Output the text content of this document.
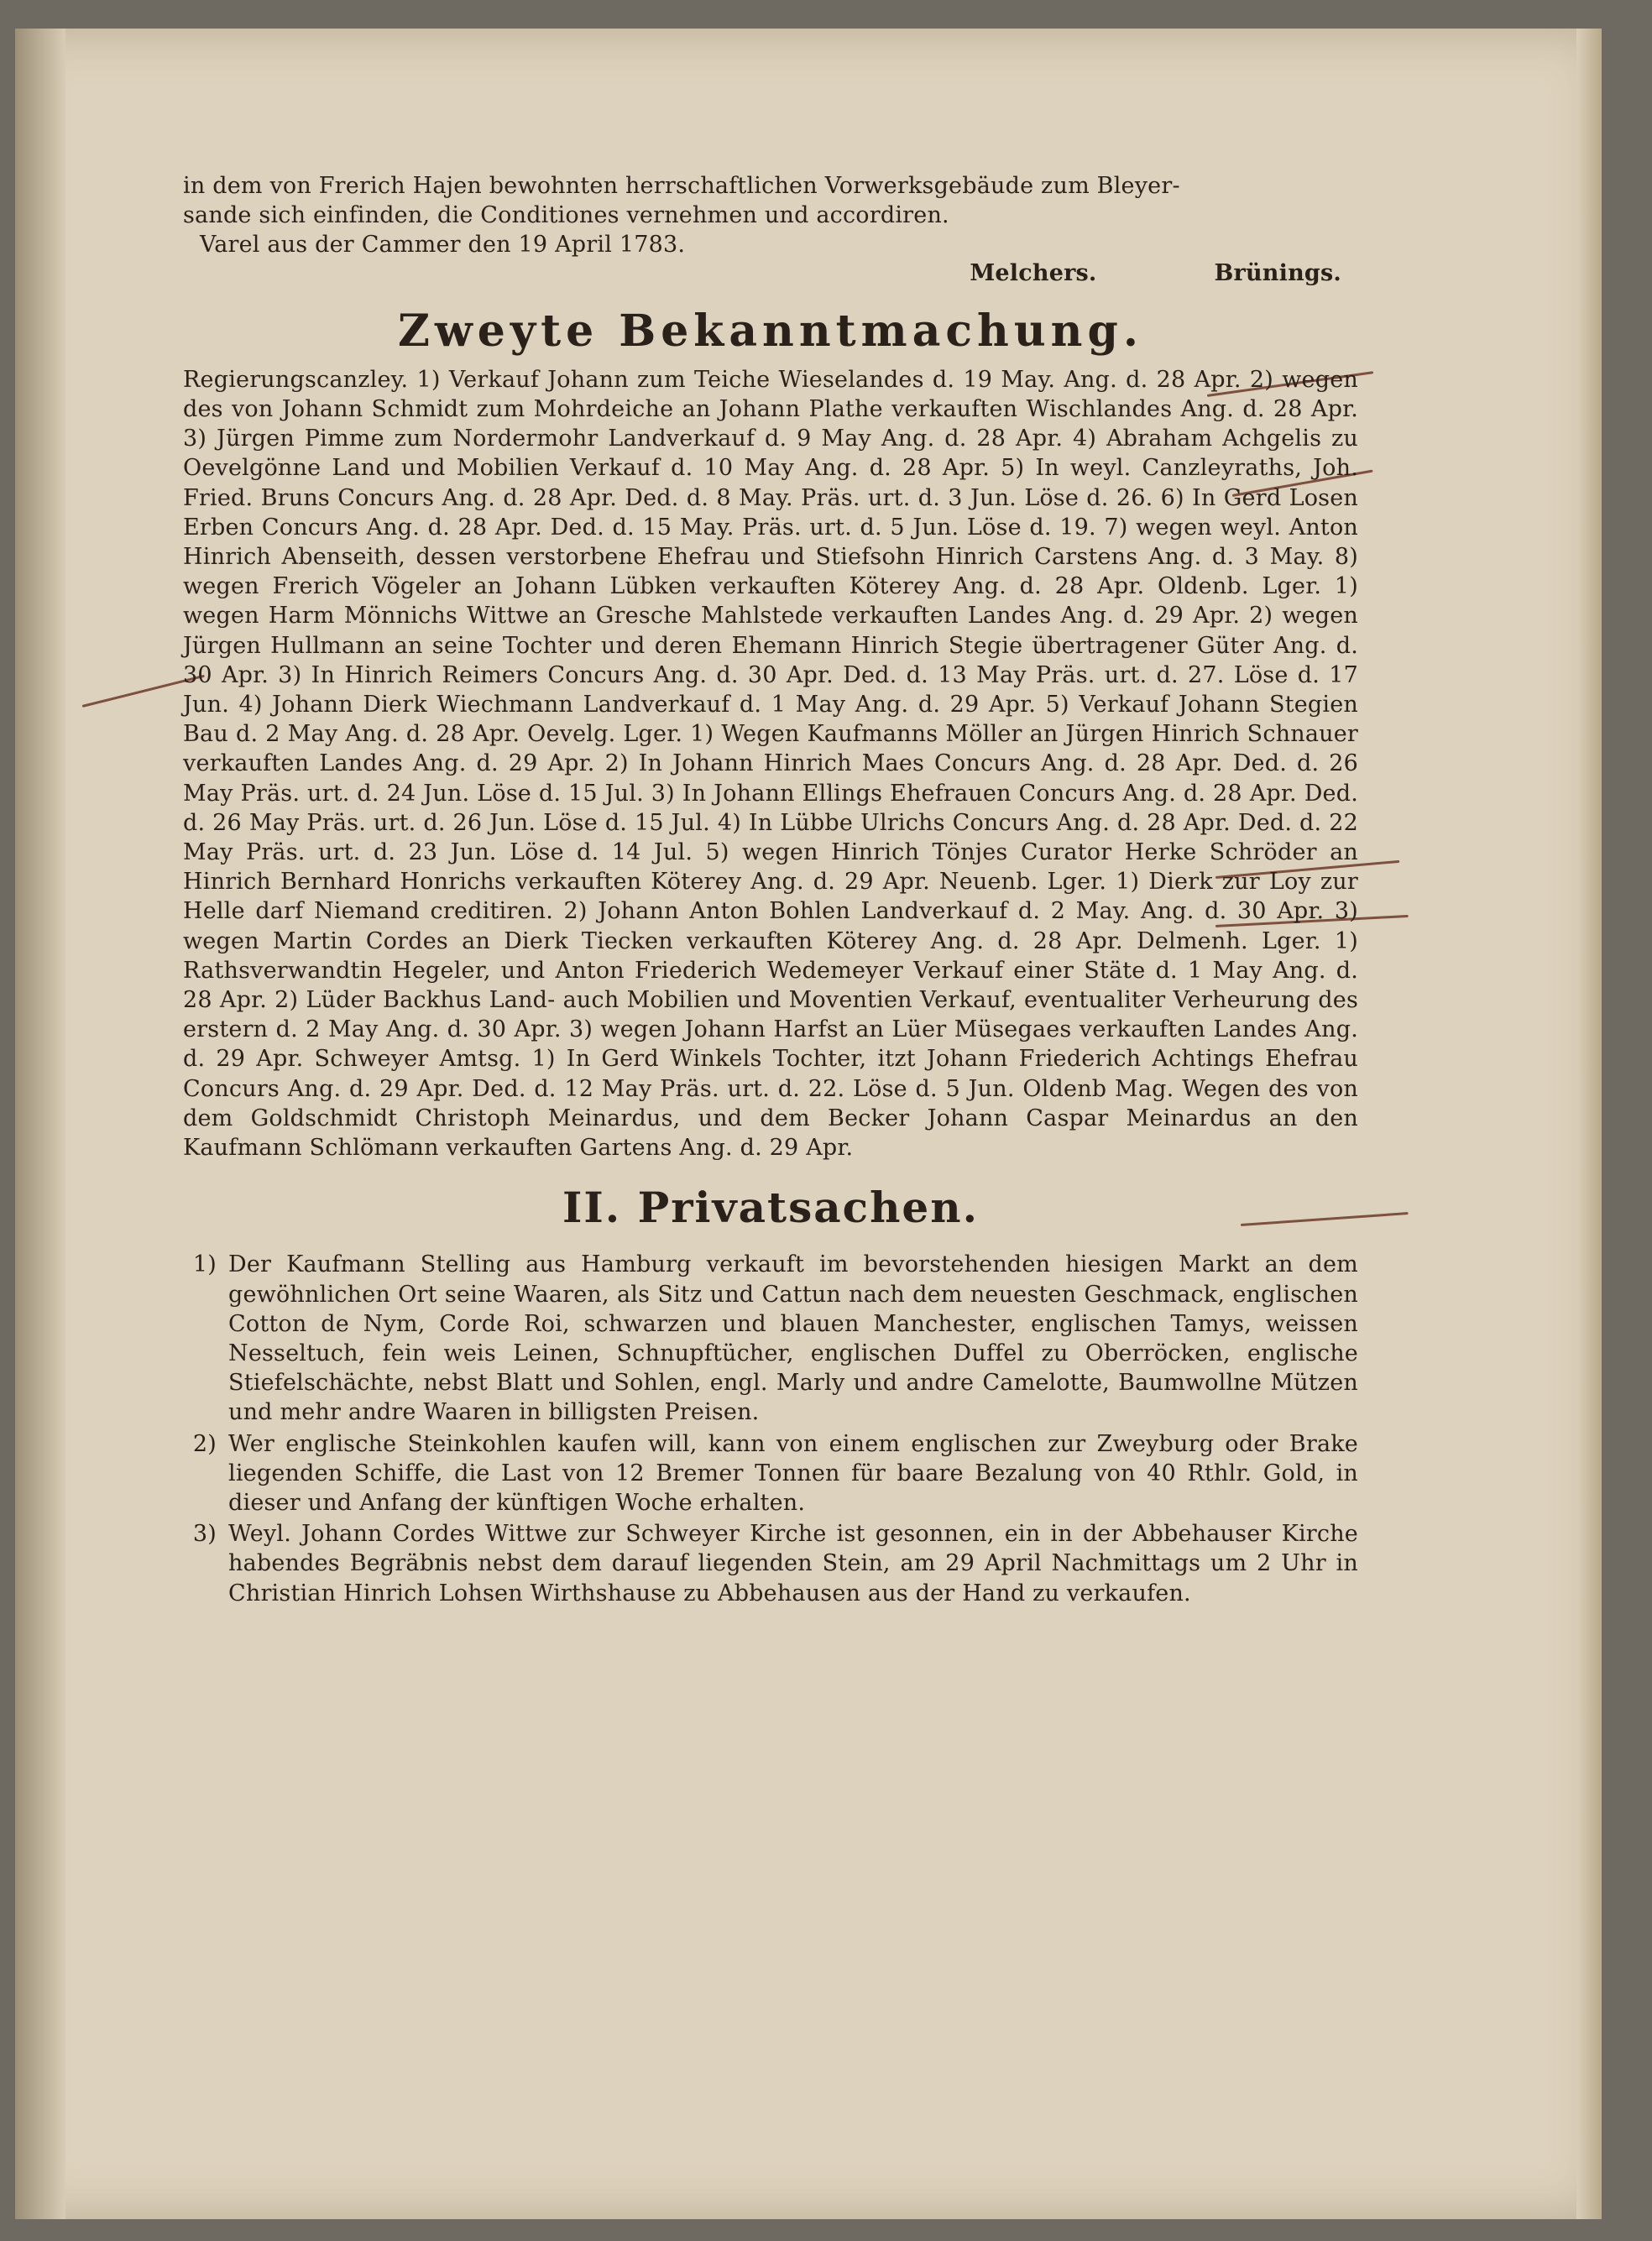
in dem von Frerich Hajen bewohnten herrschaftlichen Vorwerksgebäude zum Bleyer-

sande sich einfinden, die Conditiones vernehmen und accordiren.

Varel aus der Cammer den 19 April 1783.

Melchers.	Brünings.
Zweyte Bekanntmachung.

Regierungscanzley. 1) Verkauf Johann zum Teiche Wieselandes d. 19 May. Ang. d. 28 Apr. 2) wegen des von Johann Schmidt zum Mohrdeiche an Johann Plathe verkauften Wischlandes Ang. d. 28 Apr. 3) Jürgen Pimme zum Nordermohr Landverkauf d. 9 May Ang. d. 28 Apr. 4) Abraham Achgelis zu Oevelgönne Land und Mobilien Verkauf d. 10 May Ang. d. 28 Apr. 5) In weyl. Canzleyraths, Joh. Fried. Bruns Concurs Ang. d. 28 Apr. Ded. d. 8 May. Präs. urt. d. 3 Jun. Löse d. 26. 6) In Gerd Losen Erben Concurs Ang. d. 28 Apr. Ded. d. 15 May. Präs. urt. d. 5 Jun. Löse d. 19. 7) wegen weyl. Anton Hinrich Abenseith, dessen verstorbene Ehefrau und Stiefsohn Hinrich Carstens Ang. d. 3 May. 8) wegen Frerich Vögeler an Johann Lübken verkauften Köterey Ang. d. 28 Apr. Oldenb. Lger. 1) wegen Harm Mönnichs Wittwe an Gresche Mahlstede verkauften Landes Ang. d. 29 Apr. 2) wegen Jürgen Hullmann an seine Tochter und deren Ehemann Hinrich Stegie übertragener Güter Ang. d. 30 Apr. 3) In Hinrich Reimers Concurs Ang. d. 30 Apr. Ded. d. 13 May Präs. urt. d. 27. Löse d. 17 Jun. 4) Johann Dierk Wiechmann Landverkauf d. 1 May Ang. d. 29 Apr. 5) Verkauf Johann Stegien Bau d. 2 May Ang. d. 28 Apr. Oevelg. Lger. 1) Wegen Kaufmanns Möller an Jürgen Hinrich Schnauer verkauften Landes Ang. d. 29 Apr. 2) In Johann Hinrich Maes Concurs Ang. d. 28 Apr. Ded. d. 26 May Präs. urt. d. 24 Jun. Löse d. 15 Jul. 3) In Johann Ellings Ehefrauen Concurs Ang. d. 28 Apr. Ded. d. 26 May Präs. urt. d. 26 Jun. Löse d. 15 Jul. 4) In Lübbe Ulrichs Concurs Ang. d. 28 Apr. Ded. d. 22 May Präs. urt. d. 23 Jun. Löse d. 14 Jul. 5) wegen Hinrich Tönjes Curator Herke Schröder an Hinrich Bernhard Honrichs verkauften Köterey Ang. d. 29 Apr. Neuenb. Lger. 1) Dierk zur Loy zur Helle darf Niemand creditiren. 2) Johann Anton Bohlen Landverkauf d. 2 May. Ang. d. 30 Apr. 3) wegen Martin Cordes an Dierk Tiecken verkauften Köterey Ang. d. 28 Apr. Delmenh. Lger. 1) Rathsverwandtin Hegeler, und Anton Friederich Wedemeyer Verkauf einer Stäte d. 1 May Ang. d. 28 Apr. 2) Lüder Backhus Land- auch Mobilien und Moventien Verkauf, eventualiter Verheurung des erstern d. 2 May Ang. d. 30 Apr. 3) wegen Johann Harfst an Lüer Müsegaes verkauften Landes Ang. d. 29 Apr. Schweyer Amtsg. 1) In Gerd Winkels Tochter, itzt Johann Friederich Achtings Ehefrau Concurs Ang. d. 29 Apr. Ded. d. 12 May Präs. urt. d. 22. Löse d. 5 Jun. Oldenb Mag. Wegen des von dem Goldschmidt Christoph Meinardus, und dem Becker Johann Caspar Meinardus an den Kaufmann Schlömann verkauften Gartens Ang. d. 29 Apr.

II. Privatsachen.
1) Der Kaufmann Stelling aus Hamburg verkauft im bevorstehenden hiesigen Markt an dem gewöhnlichen Ort seine Waaren, als Sitz und Cattun nach dem neuesten Geschmack, englischen Cotton de Nym, Corde Roi, schwarzen und blauen Manchester, englischen Tamys, weissen Nesseltuch, fein weis Leinen, Schnupftücher, englischen Duffel zu Oberröcken, englische Stiefelschächte, nebst Blatt und Sohlen, engl. Marly und andre Camelotte, Baumwollne Mützen und mehr andre Waaren in billigsten Preisen.
2) Wer englische Steinkohlen kaufen will, kann von einem englischen zur Zweyburg oder Brake liegenden Schiffe, die Last von 12 Bremer Tonnen für baare Bezalung von 40 Rthlr. Gold, in dieser und Anfang der künftigen Woche erhalten.
3) Weyl. Johann Cordes Wittwe zur Schweyer Kirche ist gesonnen, ein in der Abbehauser Kirche habendes Begräbnis nebst dem darauf liegenden Stein, am 29 April Nachmittags um 2 Uhr in Christian Hinrich Lohsen Wirthshause zu Abbehausen aus der Hand zu verkaufen.
